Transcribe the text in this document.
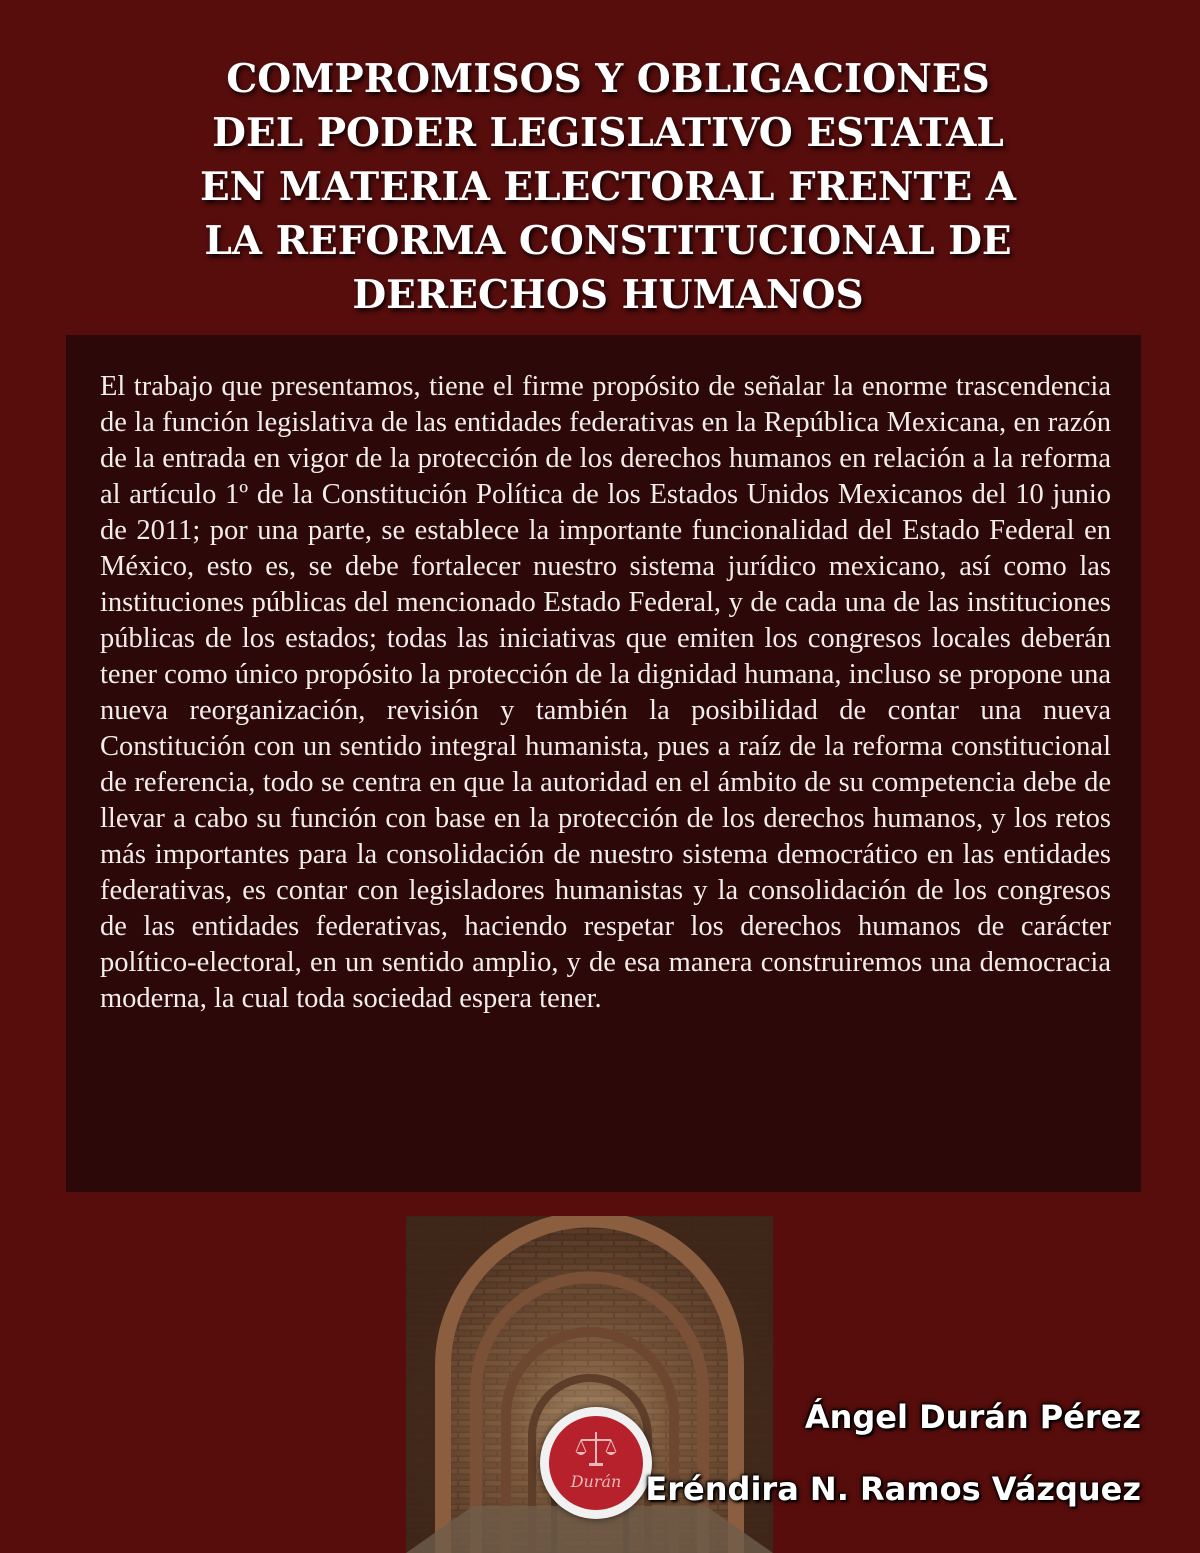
COMPROMISOS Y OBLIGACIONES
DEL PODER LEGISLATIVO ESTATAL
EN MATERIA ELECTORAL FRENTE A
LA REFORMA CONSTITUCIONAL DE
DERECHOS HUMANOS

El trabajo que presentamos, tiene el firme propósito de señalar la enorme trascendencia de la función legislativa de las entidades federativas en la República Mexicana, en razón de la entrada en vigor de la protección de los derechos humanos en relación a la reforma al artículo 1º de la Constitución Política de los Estados Unidos Mexicanos del 10 junio de 2011; por una parte, se establece la importante funcionalidad del Estado Federal en México, esto es, se debe fortalecer nuestro sistema jurídico mexicano, así como las instituciones públicas del mencionado Estado Federal, y de cada una de las instituciones públicas de los estados; todas las iniciativas que emiten los congresos locales deberán tener como único propósito la protección de la dignidad humana, incluso se propone una nueva reorganización, revisión y también la posibilidad de contar una nueva Constitución con un sentido integral humanista, pues a raíz de la reforma constitucional de referencia, todo se centra en que la autoridad en el ámbito de su competencia debe de llevar a cabo su función con base en la protección de los derechos humanos, y los retos más importantes para la consolidación de nuestro sistema democrático en las entidades federativas, es contar con legisladores humanistas y la consolidación de los congresos de las entidades federativas, haciendo respetar los derechos humanos de carácter político-electoral, en un sentido amplio, y de esa manera construiremos una democracia moderna, la cual toda sociedad espera tener.

Durán
Ángel Durán Pérez
Eréndira N. Ramos Vázquez
